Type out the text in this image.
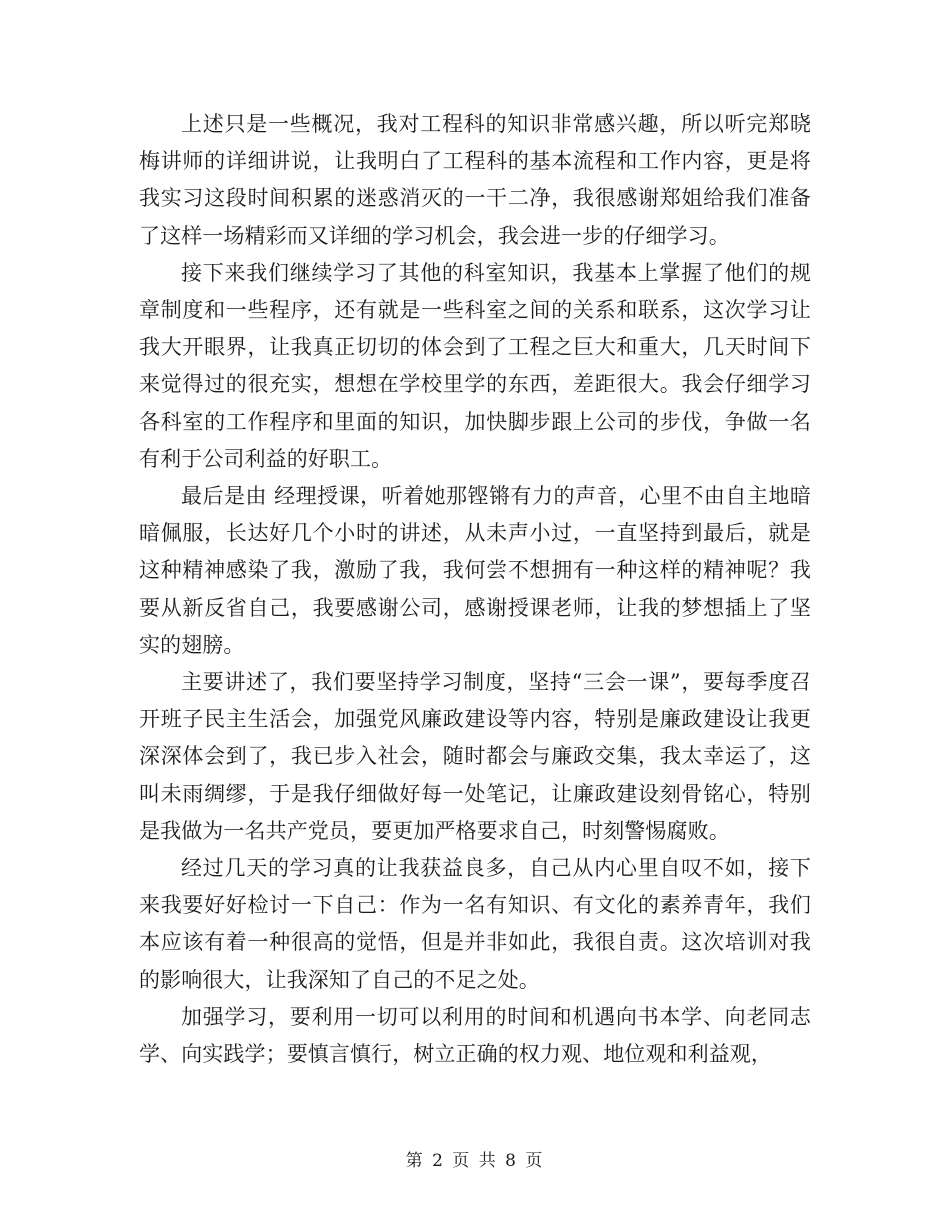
上述只是一些概况，我对工程科的知识非常感兴趣，所以听完郑晓梅讲师的详细讲说，让我明白了工程科的基本流程和工作内容，更是将我实习这段时间积累的迷惑消灭的一干二净，我很感谢郑姐给我们准备了这样一场精彩而又详细的学习机会，我会进一步的仔细学习。

接下来我们继续学习了其他的科室知识，我基本上掌握了他们的规章制度和一些程序，还有就是一些科室之间的关系和联系，这次学习让我大开眼界，让我真正切切的体会到了工程之巨大和重大，几天时间下来觉得过的很充实，想想在学校里学的东西，差距很大。我会仔细学习各科室的工作程序和里面的知识，加快脚步跟上公司的步伐，争做一名有利于公司利益的好职工。

最后是由 经理授课，听着她那铿锵有力的声音，心里不由自主地暗暗佩服，长达好几个小时的讲述，从未声小过，一直坚持到最后，就是这种精神感染了我，激励了我，我何尝不想拥有一种这样的精神呢？我要从新反省自己，我要感谢公司，感谢授课老师，让我的梦想插上了坚实的翅膀。

主要讲述了，我们要坚持学习制度，坚持“三会一课”，要每季度召开班子民主生活会，加强党风廉政建设等内容，特别是廉政建设让我更深深体会到了，我已步入社会，随时都会与廉政交集，我太幸运了，这叫未雨绸缪，于是我仔细做好每一处笔记，让廉政建设刻骨铭心，特别是我做为一名共产党员，要更加严格要求自己，时刻警惕腐败。

经过几天的学习真的让我获益良多，自己从内心里自叹不如，接下来我要好好检讨一下自己：作为一名有知识、有文化的素养青年，我们本应该有着一种很高的觉悟，但是并非如此，我很自责。这次培训对我的影响很大，让我深知了自己的不足之处。

加强学习，要利用一切可以利用的时间和机遇向书本学、向老同志学、向实践学；要慎言慎行，树立正确的权力观、地位观和利益观，

第 2 页 共 8 页
